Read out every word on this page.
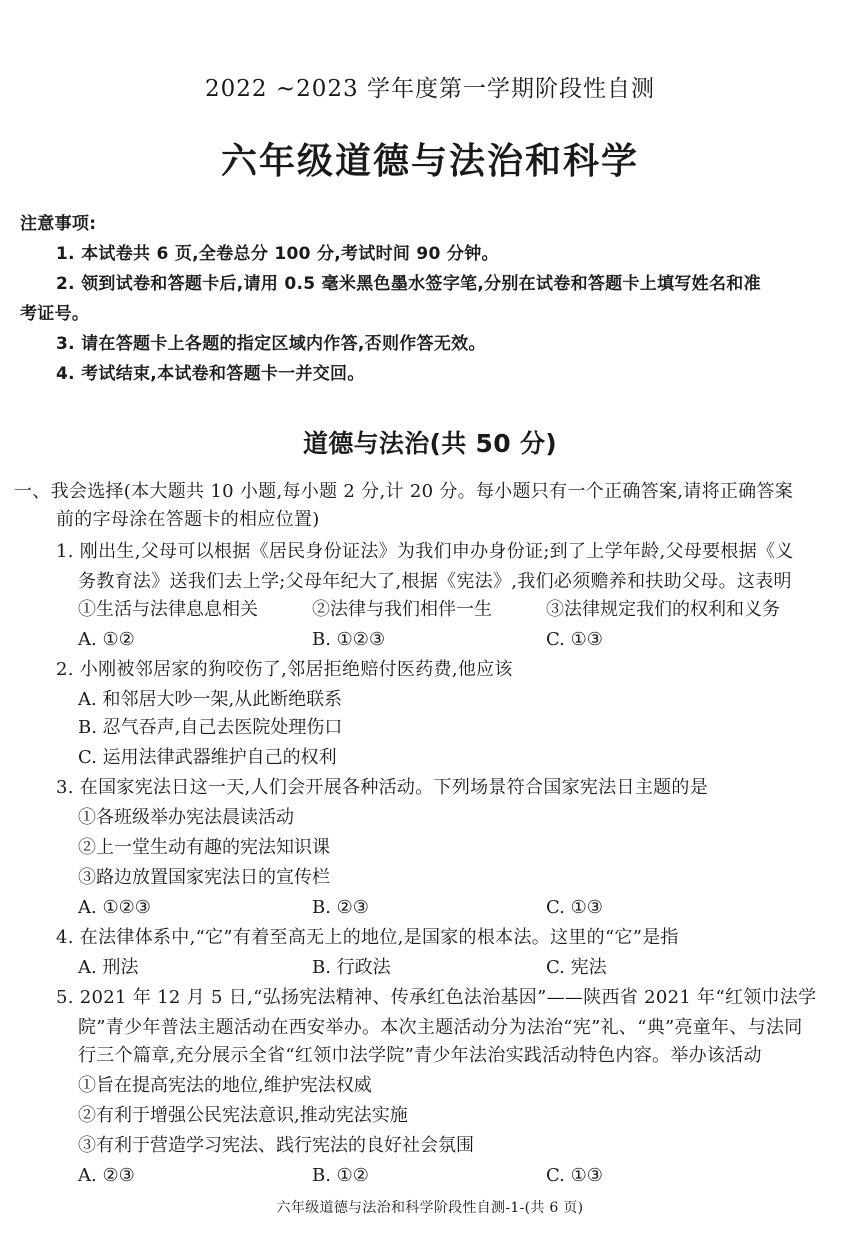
2022 ~2023 学年度第一学期阶段性自测
六年级道德与法治和科学
注意事项:
1. 本试卷共 6 页,全卷总分 100 分,考试时间 90 分钟。
2. 领到试卷和答题卡后,请用 0.5 毫米黑色墨水签字笔,分别在试卷和答题卡上填写姓名和准
考证号。
3. 请在答题卡上各题的指定区域内作答,否则作答无效。
4. 考试结束,本试卷和答题卡一并交回。
道德与法治(共 50 分)
一、我会选择(本大题共 10 小题,每小题 2 分,计 20 分。每小题只有一个正确答案,请将正确答案
前的字母涂在答题卡的相应位置)
1. 刚出生,父母可以根据《居民身份证法》为我们申办身份证;到了上学年龄,父母要根据《义
务教育法》送我们去上学;父母年纪大了,根据《宪法》,我们必须赡养和扶助父母。这表明
①生活与法律息息相关	②法律与我们相伴一生	③法律规定我们的权利和义务
A. ①②	B. ①②③	C. ①③
2. 小刚被邻居家的狗咬伤了,邻居拒绝赔付医药费,他应该
A. 和邻居大吵一架,从此断绝联系
B. 忍气吞声,自己去医院处理伤口
C. 运用法律武器维护自己的权利
3. 在国家宪法日这一天,人们会开展各种活动。下列场景符合国家宪法日主题的是
①各班级举办宪法晨读活动
②上一堂生动有趣的宪法知识课
③路边放置国家宪法日的宣传栏
A. ①②③	B. ②③	C. ①③
4. 在法律体系中,“它”有着至高无上的地位,是国家的根本法。这里的“它”是指
A. 刑法	B. 行政法	C. 宪法
5. 2021 年 12 月 5 日,“弘扬宪法精神、传承红色法治基因”——陕西省 2021 年“红领巾法学
院”青少年普法主题活动在西安举办。本次主题活动分为法治“宪”礼、“典”亮童年、与法同
行三个篇章,充分展示全省“红领巾法学院”青少年法治实践活动特色内容。举办该活动
①旨在提高宪法的地位,维护宪法权威
②有利于增强公民宪法意识,推动宪法实施
③有利于营造学习宪法、践行宪法的良好社会氛围
A. ②③	B. ①②	C. ①③
六年级道德与法治和科学阶段性自测-1-(共 6 页)
